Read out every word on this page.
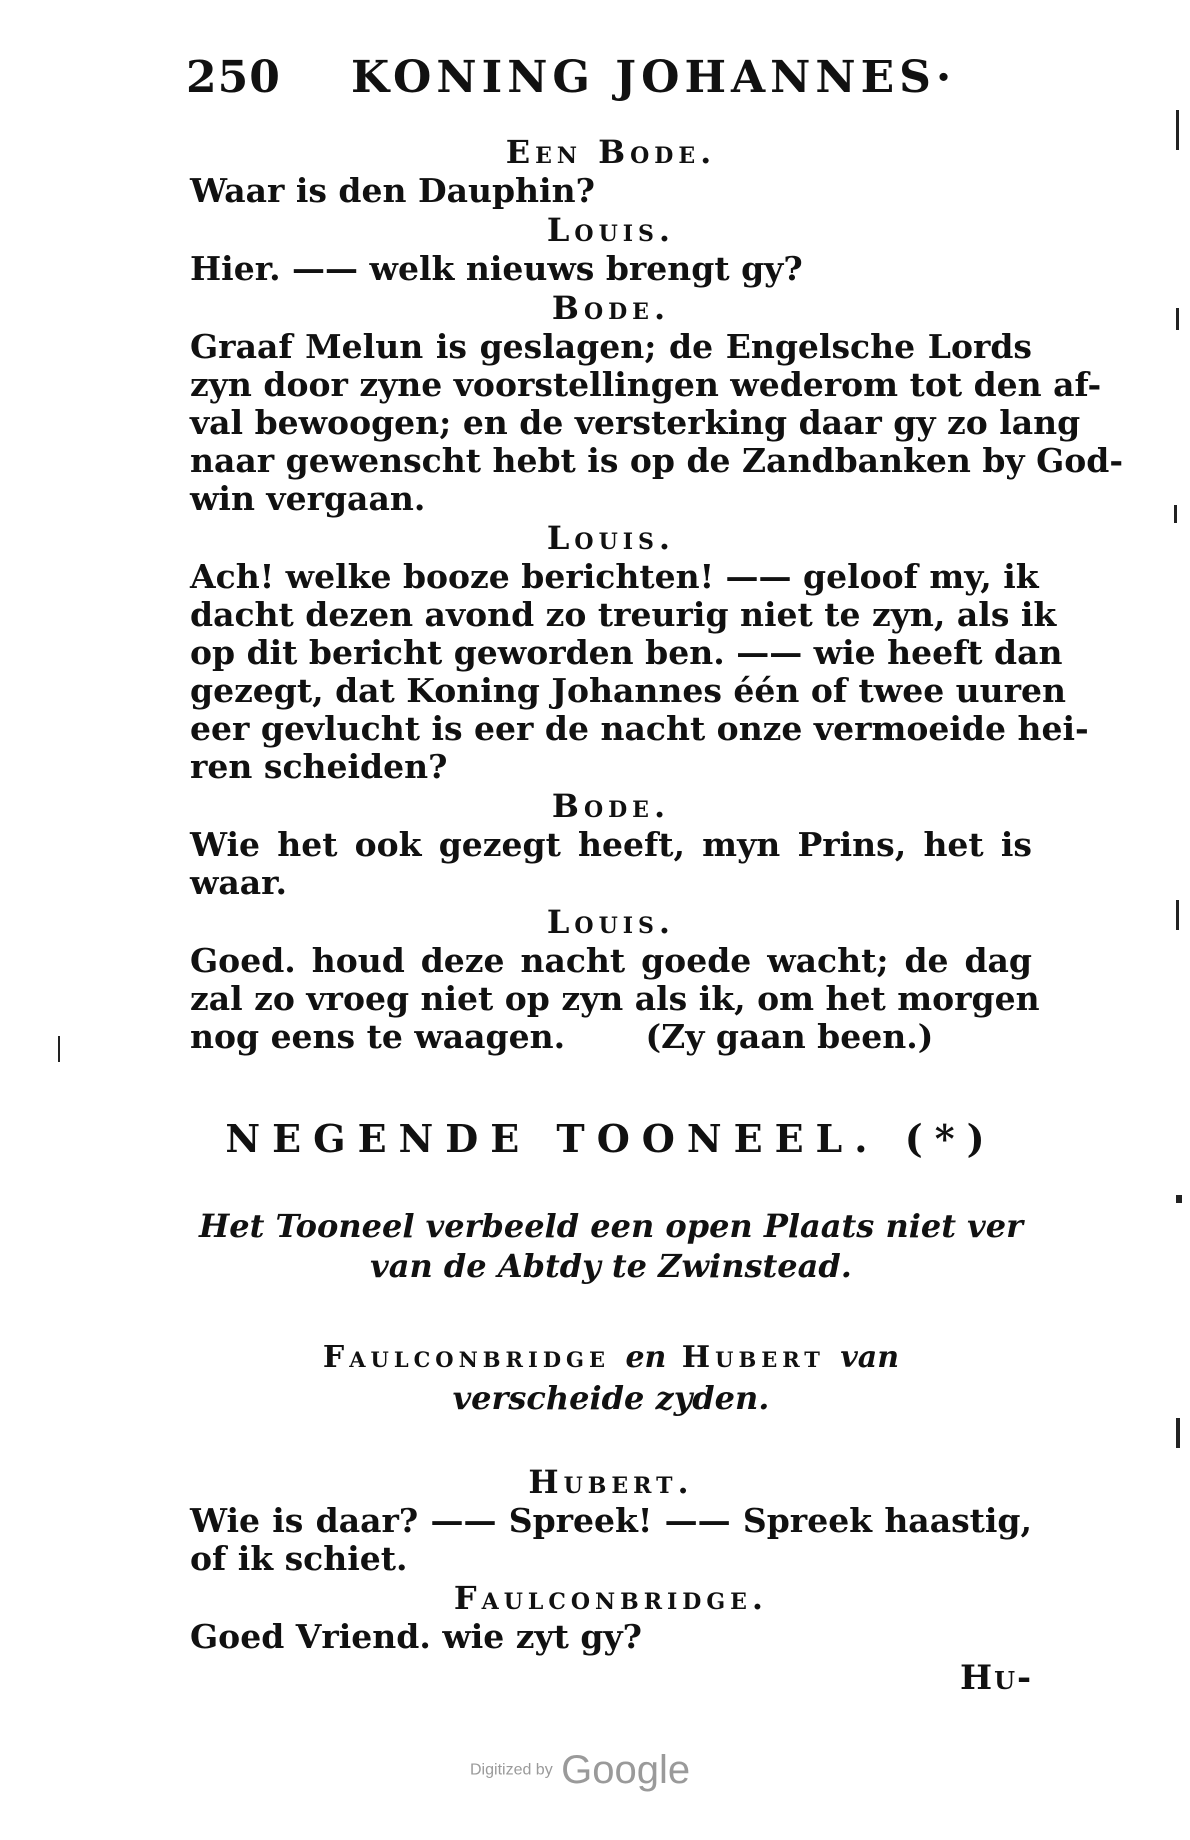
250 KONING JOHANNES·
Een Bode.
Waar is den Dauphin?
Louis.
Hier. —— welk nieuws brengt gy?
Bode.
Graaf Melun is geslagen; de Engelsche Lords
zyn door zyne voorstellingen wederom tot den af-
val bewoogen; en de versterking daar gy zo lang
naar gewenscht hebt is op de Zandbanken by God-
win vergaan.
Louis.
Ach! welke booze berichten! —— geloof my, ik
dacht dezen avond zo treurig niet te zyn, als ik
op dit bericht geworden ben. —— wie heeft dan
gezegt, dat Koning Johannes één of twee uuren
eer gevlucht is eer de nacht onze vermoeide hei-
ren scheiden?
Bode.
Wie het ook gezegt heeft, myn Prins, het is
waar.
Louis.
Goed. houd deze nacht goede wacht; de dag
zal zo vroeg niet op zyn als ik, om het morgen
nog eens te waagen.       (Zy gaan been.)
NEGENDE TOONEEL. (*)
Het Tooneel verbeeld een open Plaats niet ver
van de Abtdy te Zwinstead.
Faulconbridge en Hubert van
verscheide zyden.
Hubert.
Wie is daar? —— Spreek! —— Spreek haastig,
of ik schiet.
Faulconbridge.
Goed Vriend. wie zyt gy?
Hu-
Digitized by Google
